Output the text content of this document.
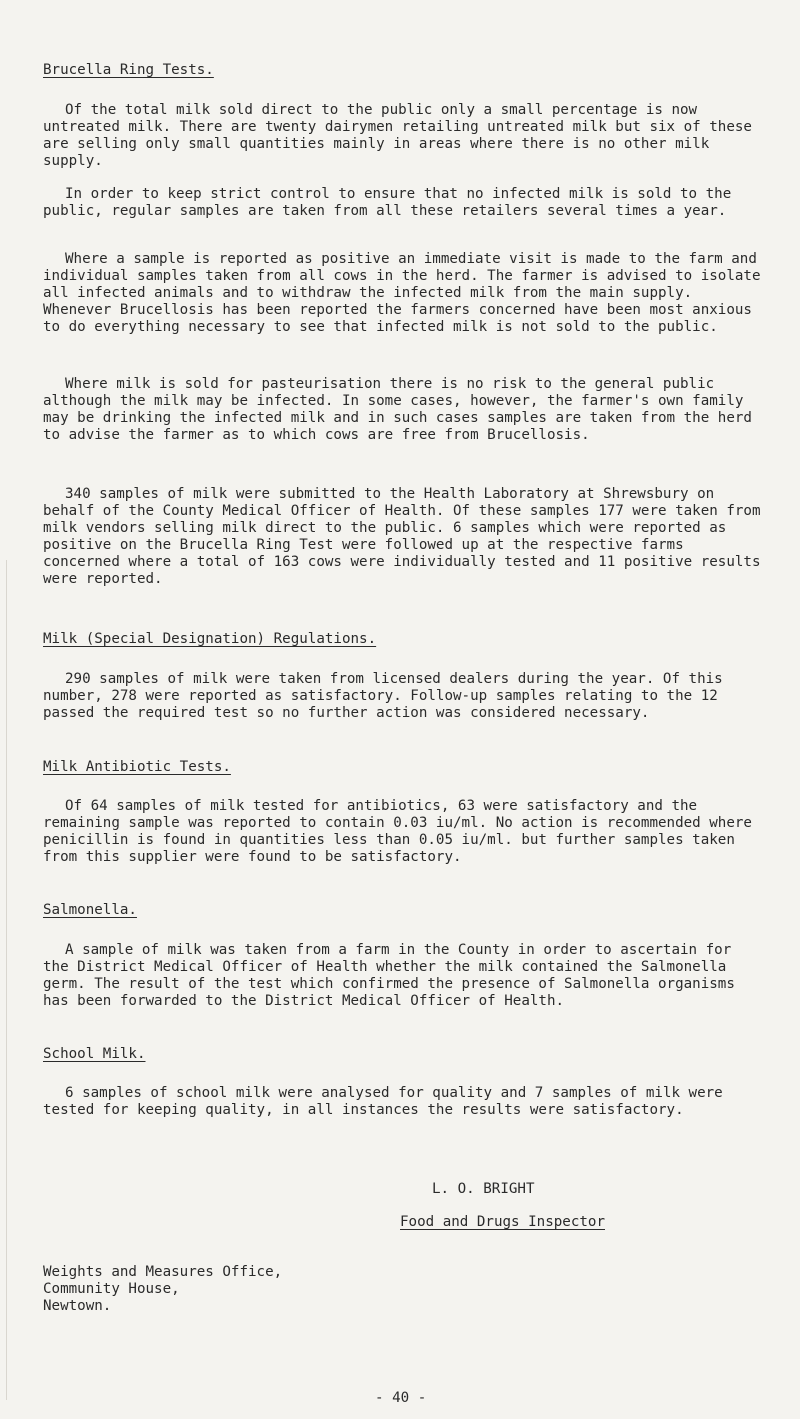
Brucella Ring Tests.

Of the total milk sold direct to the public only a small percentage is now untreated milk. There are twenty dairymen retailing untreated milk but six of these are selling only small quantities mainly in areas where there is no other milk supply.

In order to keep strict control to ensure that no infected milk is sold to the public, regular samples are taken from all these retailers several times a year.

Where a sample is reported as positive an immediate visit is made to the farm and individual samples taken from all cows in the herd. The farmer is advised to isolate all infected animals and to withdraw the infected milk from the main supply. Whenever Brucellosis has been reported the farmers concerned have been most anxious to do everything necessary to see that infected milk is not sold to the public.

Where milk is sold for pasteurisation there is no risk to the general public although the milk may be infected. In some cases, however, the farmer's own family may be drinking the infected milk and in such cases samples are taken from the herd to advise the farmer as to which cows are free from Brucellosis.

340 samples of milk were submitted to the Health Laboratory at Shrewsbury on behalf of the County Medical Officer of Health. Of these samples 177 were taken from milk vendors selling milk direct to the public. 6 samples which were reported as positive on the Brucella Ring Test were followed up at the respective farms concerned where a total of 163 cows were individually tested and 11 positive results were reported.

Milk (Special Designation) Regulations.

290 samples of milk were taken from licensed dealers during the year. Of this number, 278 were reported as satisfactory. Follow-up samples relating to the 12 passed the required test so no further action was considered necessary.

Milk Antibiotic Tests.

Of 64 samples of milk tested for antibiotics, 63 were satisfactory and the remaining sample was reported to contain 0.03 iu/ml. No action is recommended where penicillin is found in quantities less than 0.05 iu/ml. but further samples taken from this supplier were found to be satisfactory.

Salmonella.

A sample of milk was taken from a farm in the County in order to ascertain for the District Medical Officer of Health whether the milk contained the Salmonella germ. The result of the test which confirmed the presence of Salmonella organisms has been forwarded to the District Medical Officer of Health.

School Milk.

6 samples of school milk were analysed for quality and 7 samples of milk were tested for keeping quality, in all instances the results were satisfactory.

L. O. BRIGHT

Food and Drugs Inspector

Weights and Measures Office,
Community House,
Newtown.

- 40 -
